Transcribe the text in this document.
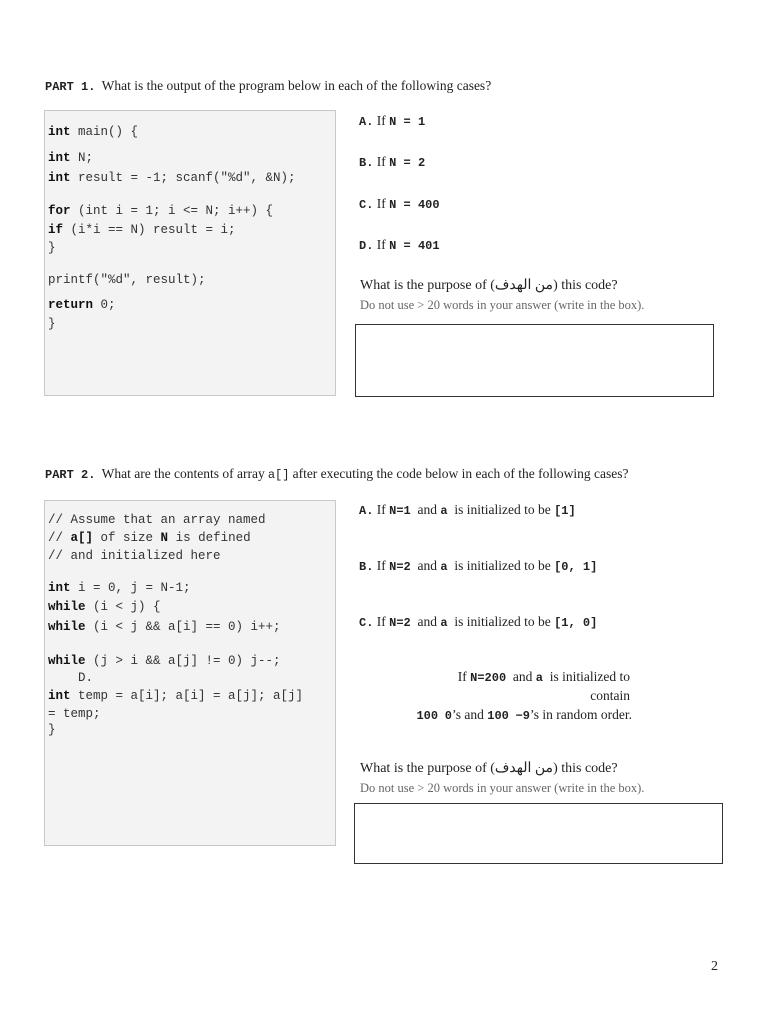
PART 1. What is the output of the program below in each of the following cases?
int main() {
int N;
int result = -1; scanf("%d", &N);
for (int i = 1; i <= N; i++) {
if (i*i == N) result = i;
}
printf("%d", result);
return 0;
}
A. If N = 1
B. If N = 2
C. If N = 400
D. If N = 401
What is the purpose of (من الهدف) this code?
Do not use > 20 words in your answer (write in the box).
PART 2. What are the contents of array a[] after executing the code below in each of the following cases?
// Assume that an array named
// a[] of size N is defined
// and initialized here
int i = 0, j = N-1;
while (i < j) {
while (i < j && a[i] == 0) i++;
while (j > i && a[j] != 0) j--;
D.
int temp = a[i]; a[i] = a[j]; a[j]
= temp;
}
A. If N=1 and a is initialized to be [1]
B. If N=2 and a is initialized to be [0, 1]
C. If N=2 and a is initialized to be [1, 0]
If N=200 and a is initialized to
contain
100 0’s and 100 −9’s in random order.
What is the purpose of (من الهدف) this code?
Do not use > 20 words in your answer (write in the box).
2
